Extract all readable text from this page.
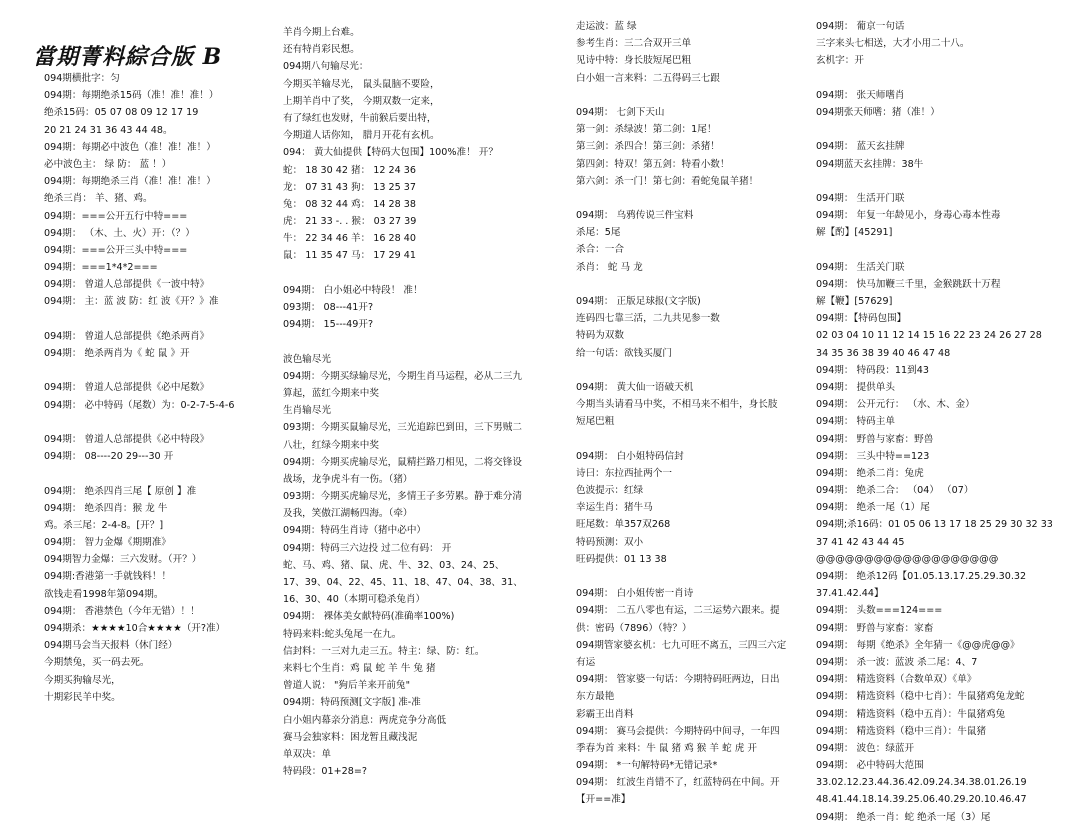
當期菁料綜合版 B
094期横批字：匀
094期：每期绝杀15码（准！准！准！）
绝杀15码：05 07 08 09 12 17 19
20 21 24 31 36 43 44 48。
094期：每期必中波色（准！准！准！）
必中波色主： 绿 防： 蓝 ！）
094期：每期绝杀三肖（准！准！准！）
绝杀三肖： 羊、猪、鸡。
094期：===公开五行中特===
094期： （木、土、火）开：（？）
094期：===公开三头中特===
094期：===1*4*2===
094期： 曾道人总部提供《一波中特》
094期： 主：蓝 波 防：红 波《开？》准
094期： 曾道人总部提供《绝杀两肖》
094期： 绝杀两肖为《 蛇 鼠 》开
094期： 曾道人总部提供《必中尾数》
094期： 必中特码（尾数）为：0-2-7-5-4-6
094期： 曾道人总部提供《必中特段》
094期： 08----20 29---30 开
094期： 绝杀四肖三尾【 原创 】准
094期： 绝杀四肖：猴 龙 牛
鸡。杀三尾：2-4-8。[开？]
094期： 智力金爆《期期准》
094期智力金爆：三六发财。（开？）
094期:香港第一手就钱料！！
欲钱走看1998年第094期。
094期： 香港禁色（今年无错）！！
094期杀：★★★★10合★★★★（开?准）
094期马会当天报料（休门经）
今期禁兔，买一码去死。
今期买狗输尽光，
十期彩民羊中奖。
羊肖今期上台难。
还有特肖彩民想。
094期八句输尽光：
今期买羊输尽光， 鼠头鼠脑不要险，
上期羊肖中了奖， 今期双数一定来，
有了绿红也发财，牛前猴后要出特，
今期道人话你知， 腊月开花有玄机。
094： 黄大仙提供【特码大包围】100%准！ 开？
蛇： 18 30 42 猪： 12 24 36
龙： 07 31 43 狗： 13 25 37
兔： 08 32 44 鸡： 14 28 38
虎： 21 33 -. . 猴： 03 27 39
牛： 22 34 46 羊： 16 28 40
鼠： 11 35 47 马： 17 29 41
094期： 白小姐必中特段！ 准！
093期： 08---41开?
094期： 15---49开?
波色输尽光
094期：今期买绿输尽光，今期生肖马运程，必从二三九
算起，蓝红今期来中奖
生肖输尽光
093期：今期买鼠输尽光，三光追踪巴到田，三下男贼二
八壮，红绿今期来中奖
094期：今期买虎输尽光，鼠精拦路刀相见，二将交锋设
战场，龙争虎斗有一伤。（猪）
093期：今期买虎输尽光，多情王子多劳累。静于难分清
及我，笑傲江湖畅四海。（牵）
094期：特码生肖诗（猪中必中）
094期：特码三六边投 过二位有码： 开
蛇、马、鸡、猪、鼠、虎、牛、32、03、24、25、
17、39、04、22、45、11、18、47、04、38、31、
16、30、40（本期可稳杀兔肖）
094期： 裸体美女献特码(准确率100%)
特码来料:蛇头兔尾一在九。
信封料：一三对九走三五。特主：绿、防：红。
来料七个生肖：鸡 鼠 蛇 羊 牛 兔 猪
曾道人说： "狗后羊来开前兔"
094期：特码预测[文字版] 准-准
白小姐内幕亲分消息：两虎竞争分高低
赛马会独家料：困龙暂且藏浅泥
单双决：单
特码段：01+28=?
走运波：蓝 绿
参考生肖：三二合双开三单
见诗中特：身长肢短尾巴粗
白小姐一言来料：二五得码三七跟
094期： 七剑下天山
第一剑：杀绿波！第二剑：1尾！
第三剑：杀四合！第三剑：杀猪！
第四剑：特双！第五剑：特看小数！
第六剑：杀一门！第七剑：看蛇兔鼠羊猪！
094期： 乌鸦传说三件宝料
杀尾：5尾
杀合：一合
杀肖： 蛇 马 龙
094期： 正版足球报(文字版)
连码四七靠三活，二九共见参一数
特码为双数
给一句话：欲钱买厦门
094期： 黄大仙一语破天机
今期当头请看马中奖，不相马来不相牛，身长肢
短尾巴粗
094期： 白小姐特码信封
诗曰：东拉西扯两个一
色波提示：红绿
幸运生肖：猪牛马
旺尾数：单357双268
特码预测：双小
旺码提供：01 13 38
094期： 白小姐传密一肖诗
094期： 二五八零也有运，二三运势六跟来。提
供：密码（7896）（特？）
094期管家婆玄机：七九可旺不离五，三四三六定
有运
094期： 管家婆一句话：今期特码旺两边，日出
东方最艳
彩霸王出肖料
094期： 赛马会提供：今期特码中间寻，一年四
季春为首 来料：牛 鼠 猪 鸡 猴 羊 蛇 虎 开
094期： *一句解特码*无错记录*
094期： 红波生肖错不了，红蓝特码在中间。开
【开==准】
094期： 葡京一句话
三字来头七相送，大才小用二十八。
玄机字：开
094期： 张天师嗜肖
094期张天师嗜：猪（准！）
094期： 蓝天玄挂牌
094期蓝天玄挂牌：38牛
094期： 生活开门联
094期： 年复一年龄见小，身毒心毒本性毒
解【酌】[45291]
094期： 生活关门联
094期： 快马加鞭三千里，金猴跳跃十万程
解【鞭】[57629]
094期：【特码包围】
02 03 04 10 11 12 14 15 16 22 23 24 26 27 28
34 35 36 38 39 40 46 47 48
094期： 特码段：11到43
094期： 提供单头
094期： 公开元行： （水、木、金）
094期： 特码主单
094期： 野兽与家畜：野兽
094期： 三头中特==123
094期： 绝杀二肖：兔虎
094期： 绝杀二合： （04） （07）
094期： 绝杀一尾（1）尾
094期;杀16码：01 05 06 13 17 18 25 29 30 32 33
37 41 42 43 44 45
@@@@@@@@@@@@@@@@@@@
094期： 绝杀12码【01.05.13.17.25.29.30.32
37.41.42.44】
094期： 头数===124===
094期： 野兽与家畜：家畜
094期： 每期《绝杀》全年猜一《@@虎@@》
094期： 杀一波：蓝波 杀二尾：4、7
094期： 精选资料（合数单双）《单》
094期： 精选资料（稳中七肖）：牛鼠猪鸡兔龙蛇
094期： 精选资料（稳中五肖）：牛鼠猪鸡兔
094期： 精选资料（稳中三肖）：牛鼠猪
094期： 波色：绿蓝开
094期： 必中特码大范围
33.02.12.23.44.36.42.09.24.34.38.01.26.19
48.41.44.18.14.39.25.06.40.29.20.10.46.47
094期： 绝杀一肖：蛇 绝杀一尾（3）尾
